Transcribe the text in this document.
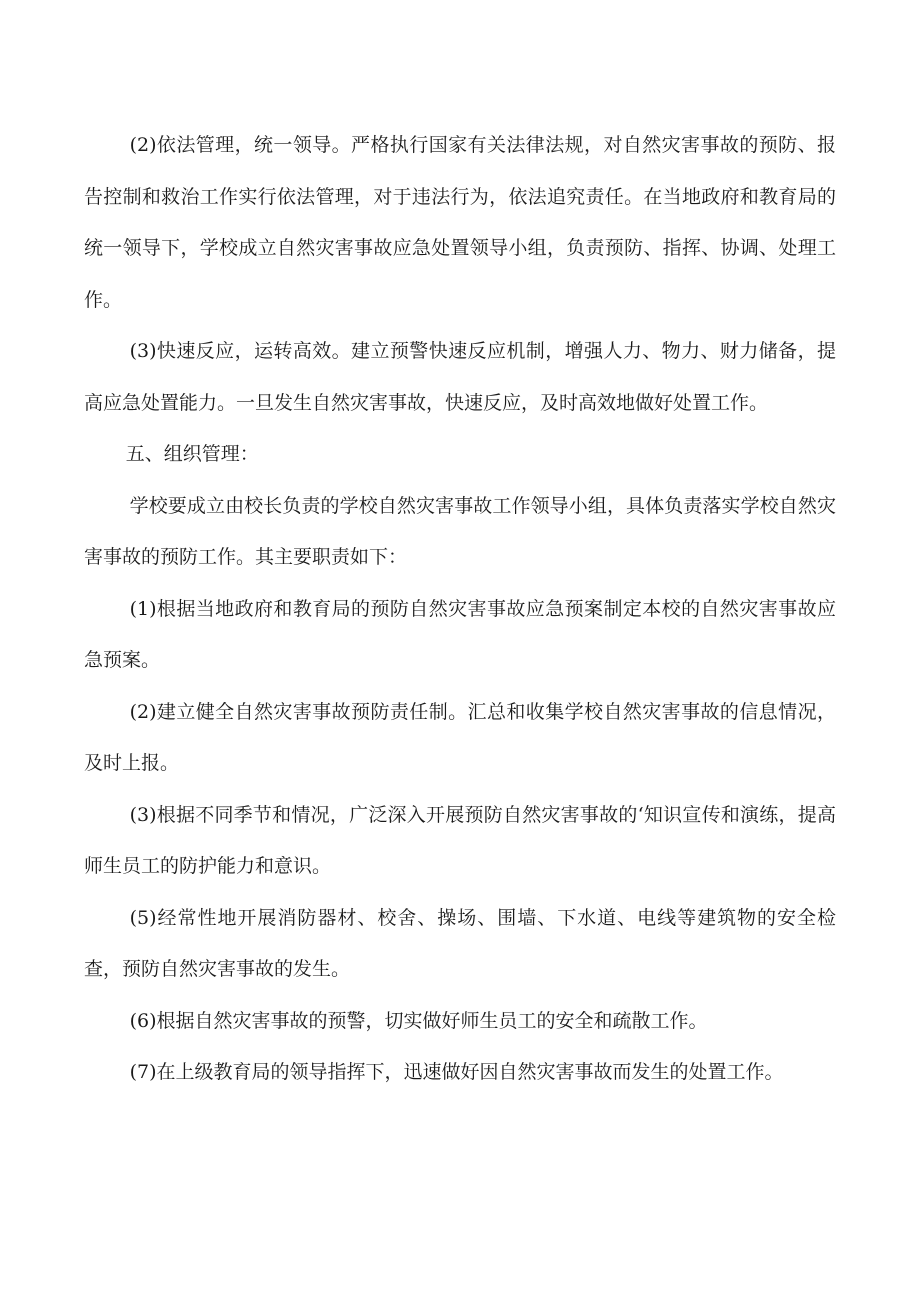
(2)依法管理，统一领导。严格执行国家有关法律法规，对自然灾害事故的预防、报告控制和救治工作实行依法管理，对于违法行为，依法追究责任。在当地政府和教育局的统一领导下，学校成立自然灾害事故应急处置领导小组，负责预防、指挥、协调、处理工作。

(3)快速反应，运转高效。建立预警快速反应机制，增强人力、物力、财力储备，提高应急处置能力。一旦发生自然灾害事故，快速反应，及时高效地做好处置工作。

五、组织管理：

学校要成立由校长负责的学校自然灾害事故工作领导小组，具体负责落实学校自然灾害事故的预防工作。其主要职责如下：

(1)根据当地政府和教育局的预防自然灾害事故应急预案制定本校的自然灾害事故应急预案。

(2)建立健全自然灾害事故预防责任制。汇总和收集学校自然灾害事故的信息情况，及时上报。

(3)根据不同季节和情况，广泛深入开展预防自然灾害事故的‘知识宣传和演练，提高师生员工的防护能力和意识。

(5)经常性地开展消防器材、校舍、操场、围墙、下水道、电线等建筑物的安全检查，预防自然灾害事故的发生。

(6)根据自然灾害事故的预警，切实做好师生员工的安全和疏散工作。

(7)在上级教育局的领导指挥下，迅速做好因自然灾害事故而发生的处置工作。
